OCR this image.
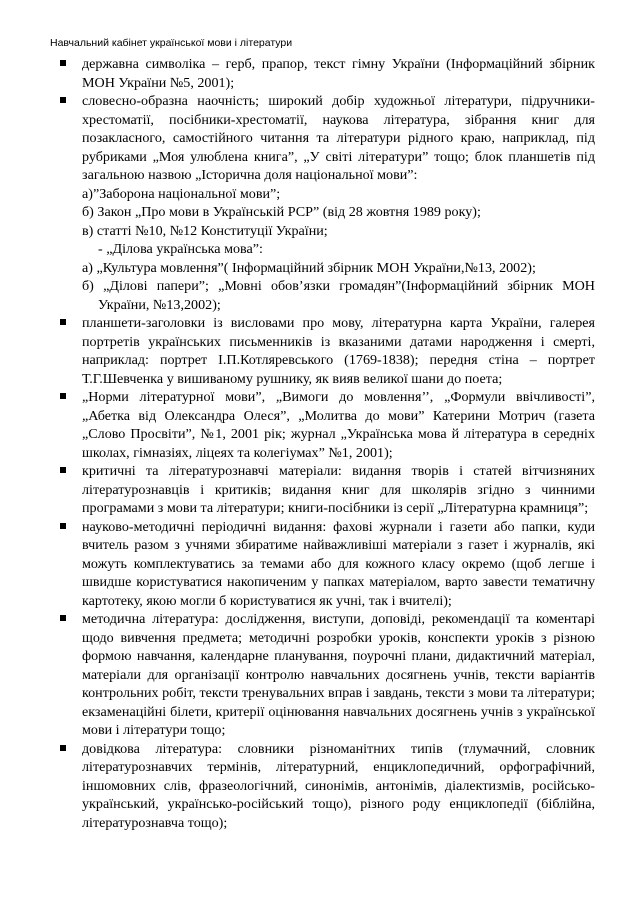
Навчальний кабінет української мови і літератури
державна символіка – герб, прапор, текст гімну України (Інформаційний збірник МОН України №5, 2001);
словесно-образна наочність; широкий добір художньої літератури, підручники-хрестоматії, посібники-хрестоматії, наукова література, зібрання книг для позакласного, самостійного читання та літератури рідного краю, наприклад, під рубриками „Моя улюблена книга”, „У світі літератури” тощо; блок планшетів під загальною назвою „Історична доля національної мови”:
а)”Заборона національної мови”;
б) Закон „Про мови в Українській РСР” (від 28 жовтня 1989 року);
в) статті №10, №12 Конституції України;
- „Ділова українська мова”:
а) „Культура мовлення”( Інформаційний збірник МОН України,№13, 2002);
б) „Ділові папери”; „Мовні обов’язки громадян”(Інформаційний збірник МОН України, №13,2002);
планшети-заголовки із висловами про мову, літературна карта України, галерея портретів українських письменників із вказаними датами народження і смерті, наприклад: портрет І.П.Котляревського (1769-1838); передня стіна – портрет Т.Г.Шевченка у вишиваному рушнику, як вияв великої шани до поета;
„Норми літературної мови”, „Вимоги до мовлення’’, „Формули ввічливості”, „Абетка від Олександра Олеся”, „Молитва до мови” Катерини Мотрич (газета „Слово Просвіти”, №1, 2001 рік; журнал „Українська мова й література в середніх школах, гімназіях, ліцеях та колегіумах” №1, 2001);
критичні та літературознавчі матеріали: видання творів і статей вітчизняних літературознавців і критиків; видання книг для школярів згідно з чинними програмами з мови та літератури; книги-посібники із серії „Літературна крамниця”;
науково-методичні періодичні видання: фахові журнали і газети або папки, куди вчитель разом з учнями збиратиме найважливіші матеріали з газет і журналів, які можуть комплектуватись за темами або для кожного класу окремо (щоб легше і швидше користуватися накопиченим у папках матеріалом, варто завести тематичну картотеку, якою могли б користуватися як учні, так і вчителі);
методична література: дослідження, виступи, доповіді, рекомендації та коментарі щодо вивчення предмета; методичні розробки уроків, конспекти уроків з різною формою навчання, календарне планування, поурочні плани, дидактичний матеріал, матеріали для організації контролю навчальних досягнень учнів, тексти варіантів контрольних робіт, тексти тренувальних вправ і завдань, тексти з мови та літератури; екзаменаційні білети, критерії оцінювання навчальних досягнень учнів з української мови і літератури тощо;
довідкова література: словники різноманітних типів (тлумачний, словник літературознавчих термінів, літературний, енциклопедичний, орфографічний, іншомовних слів, фразеологічний, синонімів, антонімів, діалектизмів, російсько-український, українсько-російський тощо), різного роду енциклопедії (біблійна, літературознавча тощо);
